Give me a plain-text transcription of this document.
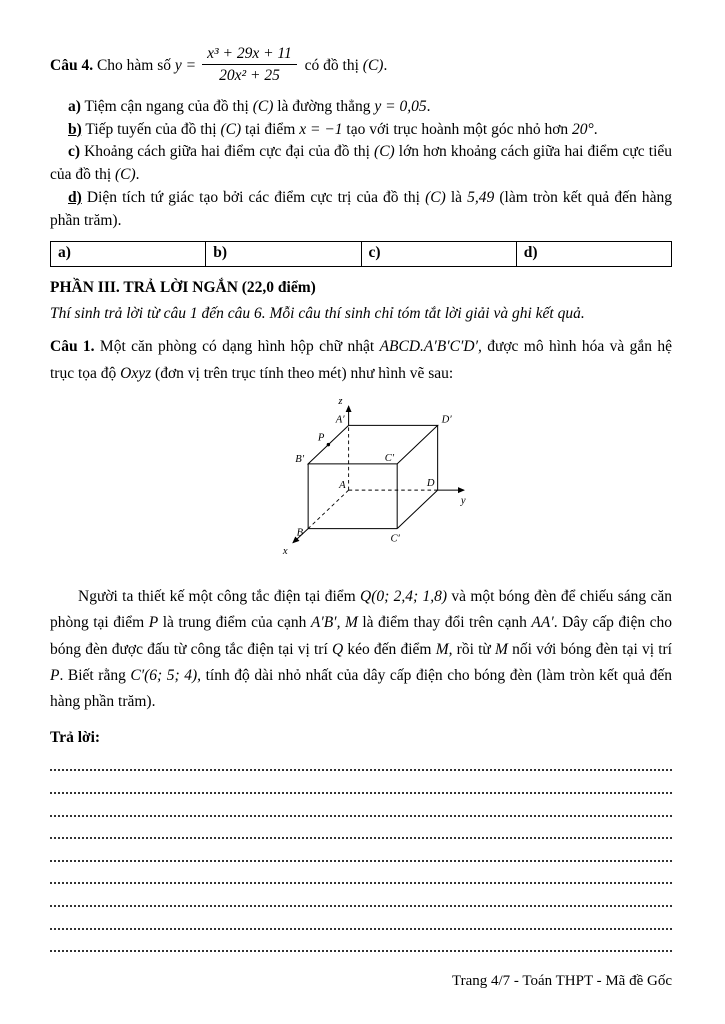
Câu 4. Cho hàm số $y = \frac{\text{x³ + 29x + 11}}{\text{20x² + 25}}$ có đồ thị (C).

a) Tiệm cận ngang của đồ thị (C) là đường thẳng y = 0,05.

b) Tiếp tuyến của đồ thị (C) tại điểm x = −1 tạo với trục hoành một góc nhỏ hơn 20°.

c) Khoảng cách giữa hai điểm cực đại của đồ thị (C) lớn hơn khoảng cách giữa hai điểm cực tiểu của đồ thị (C).

d) Diện tích tứ giác tạo bởi các điểm cực trị của đồ thị (C) là 5,49 (làm tròn kết quả đến hàng phần trăm).

a)	b)	c)	d)

PHẦN III. TRẢ LỜI NGẮN (22,0 điểm)

Thí sinh trả lời từ câu 1 đến câu 6. Mỗi câu thí sinh chỉ tóm tắt lời giải và ghi kết quả.

Câu 1. Một căn phòng có dạng hình hộp chữ nhật ABCD.A′B′C′D′, được mô hình hóa và gắn hệ trục tọa độ Oxyz (đơn vị trên trục tính theo mét) như hình vẽ sau:

z
A′	D′
P
B′	C′
A	D
y
B
x
C′

Người ta thiết kế một công tắc điện tại điểm Q(0; 2,4; 1,8) và một bóng đèn để chiếu sáng căn phòng tại điểm P là trung điểm của cạnh A′B′, M là điểm thay đổi trên cạnh AA′. Dây cấp điện cho bóng đèn được đấu từ công tắc điện tại vị trí Q kéo đến điểm M, rồi từ M nối với bóng đèn tại vị trí P. Biết rằng C′(6; 5; 4), tính độ dài nhỏ nhất của dây cấp điện cho bóng đèn (làm tròn kết quả đến hàng phần trăm).

Trả lời:

Trang 4/7 - Toán THPT - Mã đề Gốc
